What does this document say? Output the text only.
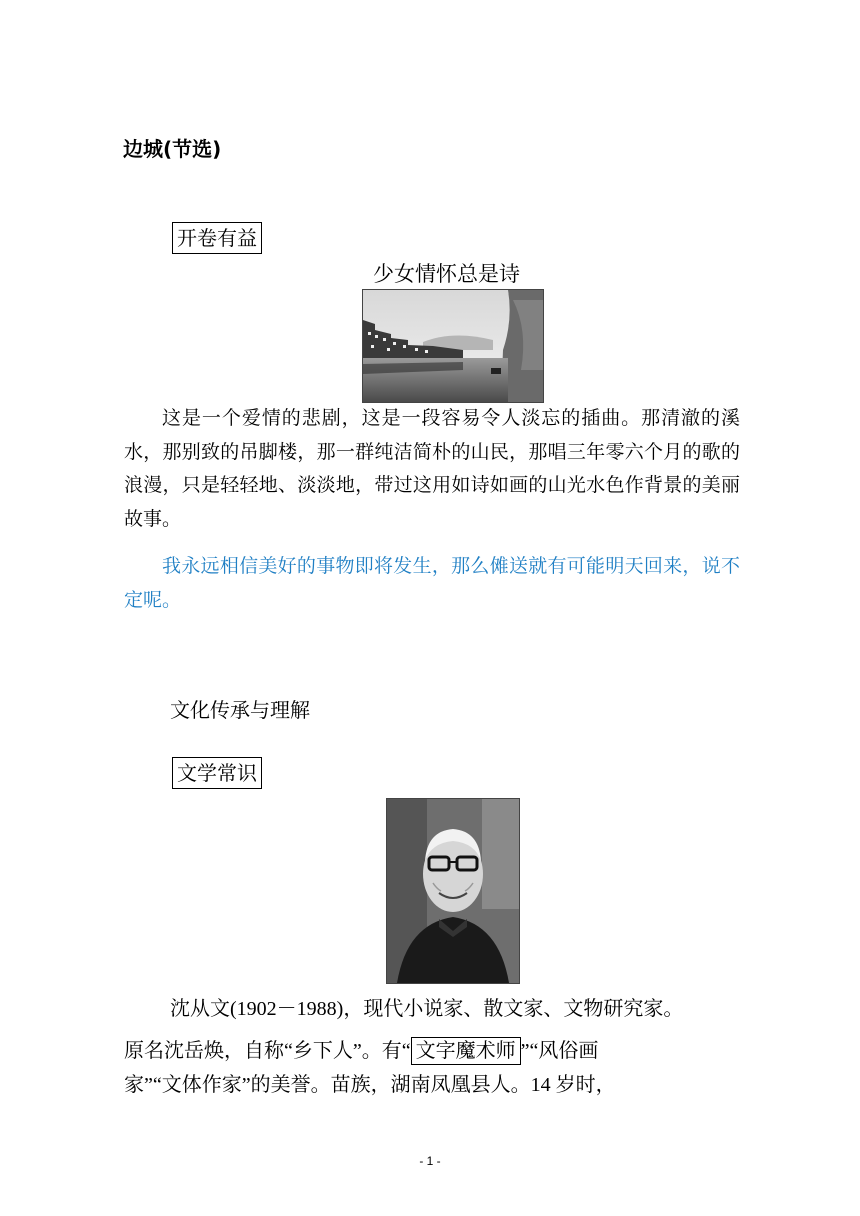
边城(节选)
开卷有益
少女情怀总是诗
这是一个爱情的悲剧，这是一段容易令人淡忘的插曲。那清澈的溪水，那别致的吊脚楼，那一群纯洁简朴的山民，那唱三年零六个月的歌的浪漫，只是轻轻地、淡淡地，带过这用如诗如画的山光水色作背景的美丽故事。
我永远相信美好的事物即将发生，那么傩送就有可能明天回来，说不定呢。
文化传承与理解
文学常识
沈从文(1902－1988)，现代小说家、散文家、文物研究家。
原名沈岳焕，自称“乡下人”。有“ 文字魔术师 ”“风俗画
家”“文体作家”的美誉。苗族，湖南凤凰县人。14 岁时，
- 1 -
